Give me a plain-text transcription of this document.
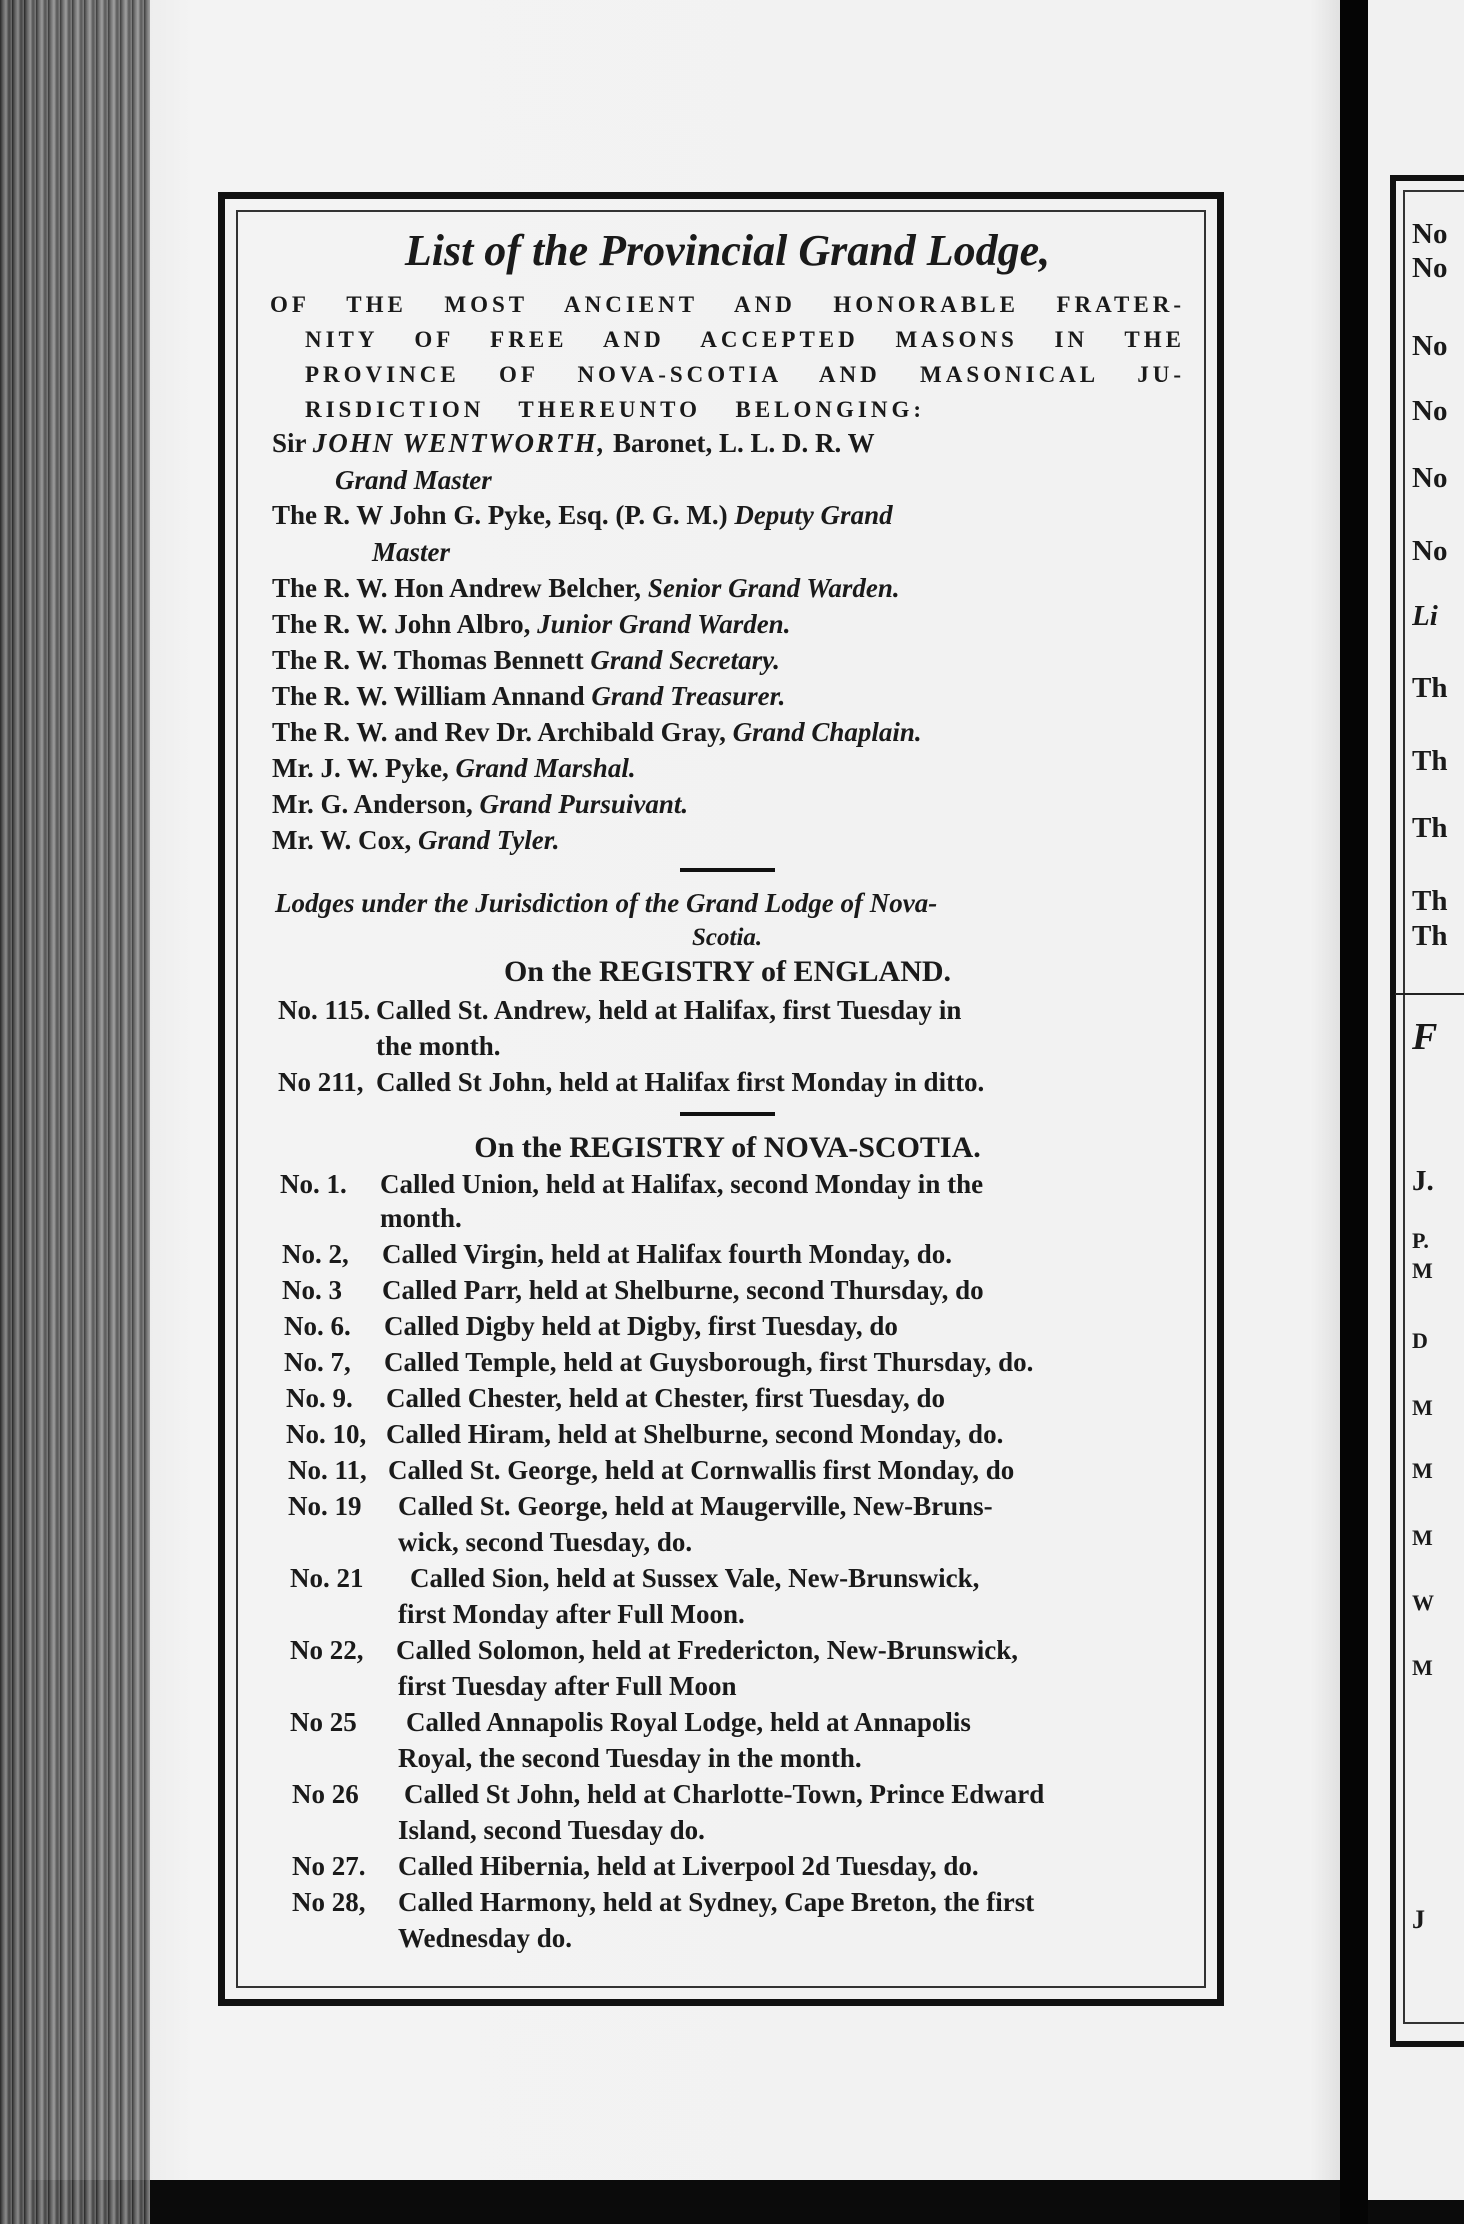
No
No
No
No
No
No
Li
Th
Th
Th
Th
Th
F
J.
P.
M
D
M
M
M
W
M
J
List of the Provincial Grand Lodge,
OF THE MOST ANCIENT AND HONORABLE FRATER-
NITY OF FREE AND ACCEPTED MASONS IN THE
PROVINCE OF NOVA-SCOTIA AND MASONICAL JU-
RISDICTION THEREUNTO BELONGING:
Sir JOHN WENTWORTH, Baronet, L. L. D. R. W
Grand Master
The R. W John G. Pyke, Esq. (P. G. M.) Deputy Grand
Master
The R. W. Hon Andrew Belcher, Senior Grand Warden.
The R. W. John Albro, Junior Grand Warden.
The R. W. Thomas Bennett Grand Secretary.
The R. W. William Annand Grand Treasurer.
The R. W. and Rev Dr. Archibald Gray, Grand Chaplain.
Mr. J. W. Pyke, Grand Marshal.
Mr. G. Anderson, Grand Pursuivant.
Mr. W. Cox, Grand Tyler.
Lodges under the Jurisdiction of the Grand Lodge of Nova-
Scotia.
On the REGISTRY of ENGLAND.
No. 115. Called St. Andrew, held at Halifax, first Tuesday in
the month.
No 211, Called St John, held at Halifax first Monday in ditto.
On the REGISTRY of NOVA-SCOTIA.
No. 1. Called Union, held at Halifax, second Monday in the
month.
No. 2, Called Virgin, held at Halifax fourth Monday, do.
No. 3 Called Parr, held at Shelburne, second Thursday, do
No. 6. Called Digby held at Digby, first Tuesday, do
No. 7, Called Temple, held at Guysborough, first Thursday, do.
No. 9. Called Chester, held at Chester, first Tuesday, do
No. 10, Called Hiram, held at Shelburne, second Monday, do.
No. 11, Called St. George, held at Cornwallis first Monday, do
No. 19 Called St. George, held at Maugerville, New-Bruns-
wick, second Tuesday, do.
No. 21 Called Sion, held at Sussex Vale, New-Brunswick,
first Monday after Full Moon.
No 22, Called Solomon, held at Fredericton, New-Brunswick,
first Tuesday after Full Moon
No 25 Called Annapolis Royal Lodge, held at Annapolis
Royal, the second Tuesday in the month.
No 26 Called St John, held at Charlotte-Town, Prince Edward
Island, second Tuesday do.
No 27. Called Hibernia, held at Liverpool 2d Tuesday, do.
No 28, Called Harmony, held at Sydney, Cape Breton, the first
Wednesday do.
